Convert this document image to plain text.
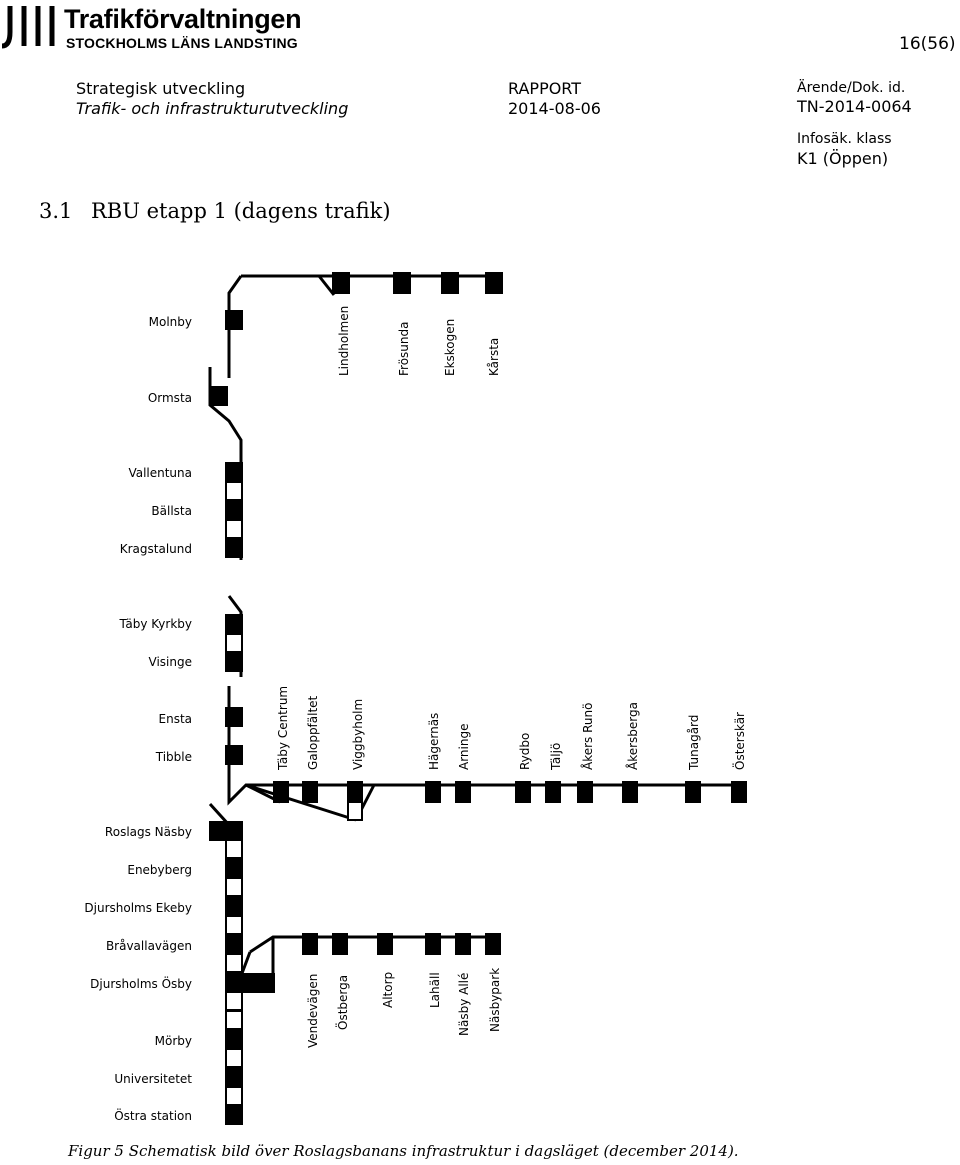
Trafikförvaltningen
STOCKHOLMS LÄNS LANDSTING	16(56)
Strategisk utveckling
Trafik- och infrastrukturutveckling
RAPPORT
2014-08-06
Ärende/Dok. id.
TN-2014-0064
Infosäk. klass
K1 (Öppen)
3.1 RBU etapp 1 (dagens trafik)
Molnby
Ormsta
Vallentuna
Bällsta
Kragstalund
Täby Kyrkby
Visinge
Ensta
Tibble
Roslags Näsby
Enebyberg
Djursholms Ekeby
Bråvallavägen
Djursholms Ösby
Mörby
Universitetet
Östra station
Lindholmen	Frösunda	Ekskogen	Kårsta
Täby Centrum Galoppfältet	Viggbyholm	Hägernäs Arninge	Rydbo Täljö Åkers Runö	Åkersberga	Tunagård	Österskär
Vendevägen Östberga	Altorp	Lahäll Näsby Allé Näsbypark
Figur 5 Schematisk bild över Roslagsbanans infrastruktur i dagsläget (december 2014).
